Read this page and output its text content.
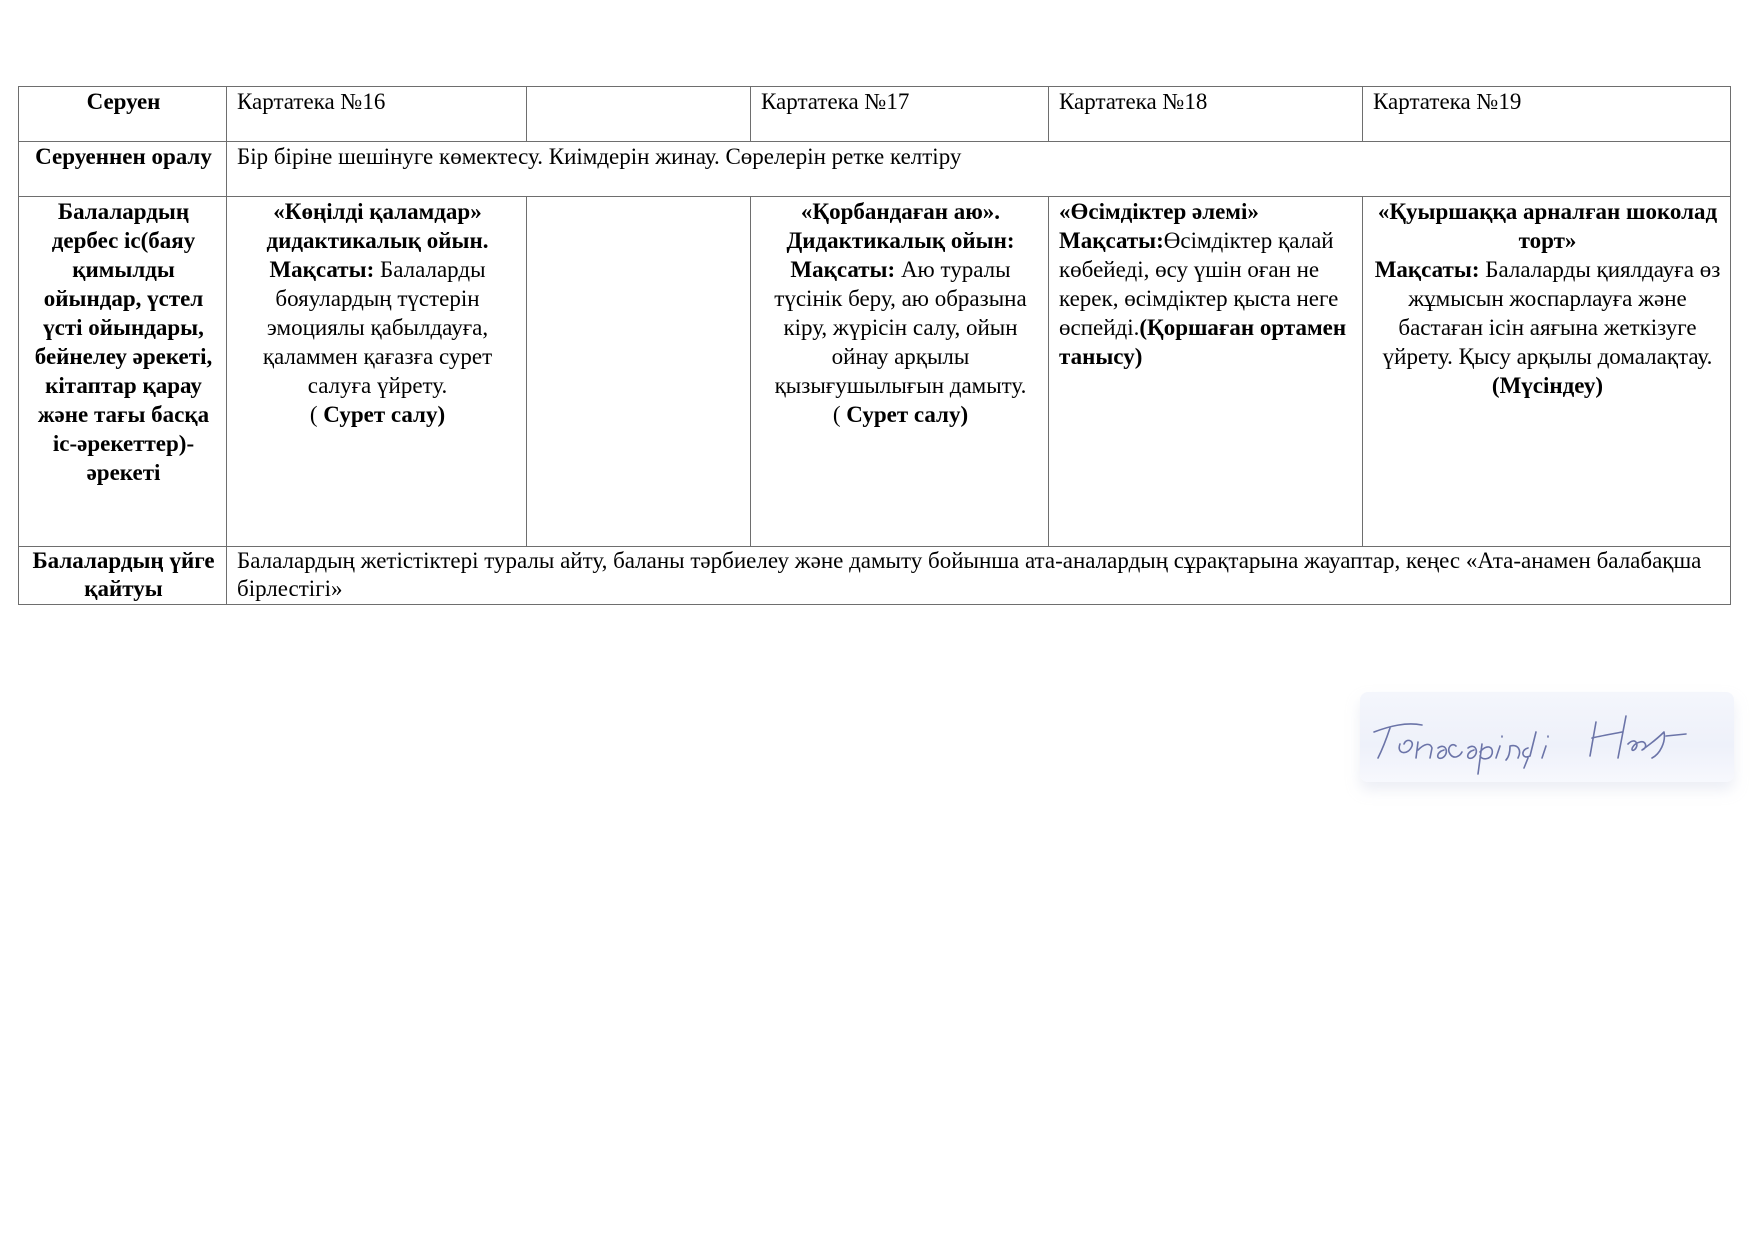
Серуен	Картатека №16		Картатека №17	Картатека №18	Картатека №19
Серуеннен оралу	Бір біріне шешінуге көмектесу. Киімдерін жинау. Сөрелерін ретке келтіру				
Балалардың дербес іс(баяу қимылды ойындар, үстел үсті ойындары, бейнелеу әрекеті, кітаптар қарау және тағы басқа іс-әрекеттер)-әрекеті	«Көңілді қаламдар» дидактикалық ойын.
Мақсаты: Балаларды бояулардың түстерін эмоциялы қабылдауға, қаламмен қағазға сурет салуға үйрету.
( Сурет салу)		«Қорбандаған аю». Дидактикалық ойын:
Мақсаты: Аю туралы түсінік беру, аю образына кіру, жүрісін салу, ойын ойнау арқылы қызығушылығын дамыту.
( Сурет салу)	«Өсімдіктер әлемі»
Мақсаты:Өсімдіктер қалай көбейеді, өсу үшін оған не керек, өсімдіктер қыста неге өспейді.(Қоршаған ортамен танысу)	«Қуыршаққа арналған шоколад торт»
Мақсаты: Балаларды қиялдауға өз жұмысын жоспарлауға және бастаған ісін аяғына жеткізуге үйрету. Қысу арқылы домалақтау.(Мүсіндеу)
Балалардың үйге қайтуы	Балалардың жетістіктері туралы айту, баланы тәрбиелеу және дамыту бойынша ата-аналардың сұрақтарына жауаптар, кеңес «Ата-анамен балабақша бірлестігі»				
